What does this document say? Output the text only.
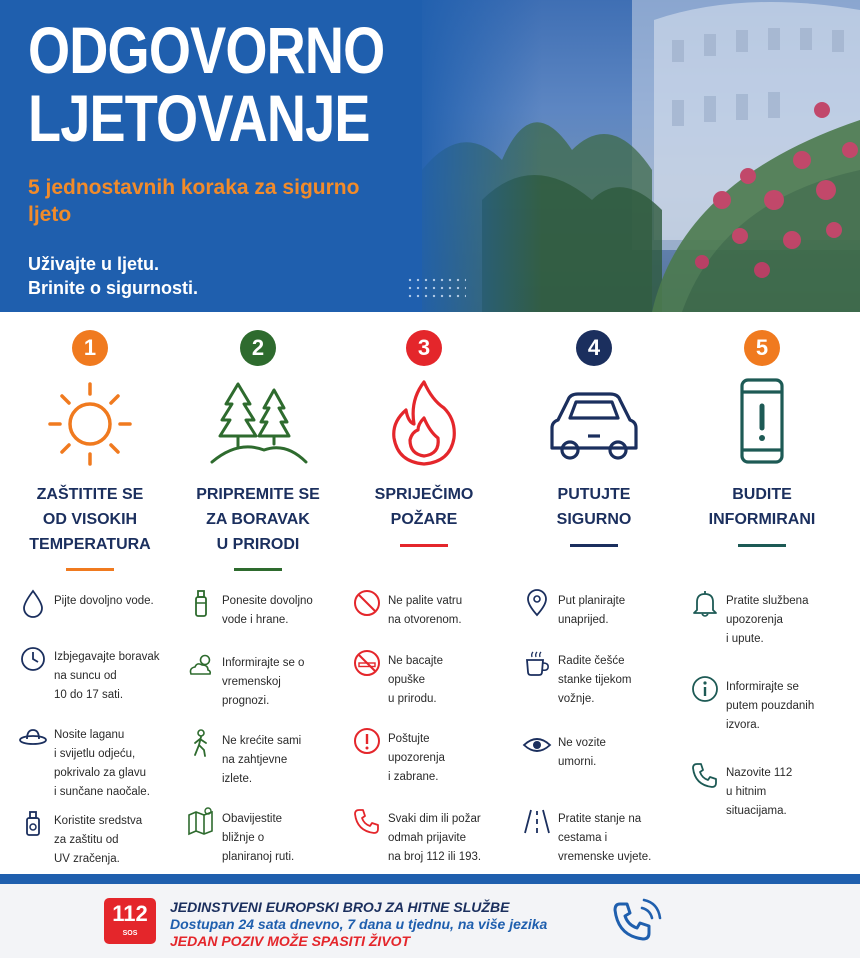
ODGOVORNO
LJETOVANJE
5 jednostavnih koraka za sigurno ljeto
Uživajte u ljetu.
Brinite o sigurnosti.
1
ZAŠTITITE SE
OD VISOKIH
TEMPERATURA
Pijte dovoljno vode.
Izbjegavajte boravak
na suncu od
10 do 17 sati.
Nosite laganu
i svijetlu odjeću,
pokrivalo za glavu
i sunčane naočale.
Koristite sredstva
za zaštitu od
UV zračenja.
2
PRIPREMITE SE
ZA BORAVAK
U PRIRODI
Ponesite dovoljno
vode i hrane.
Informirajte se o
vremenskoj
prognozi.
Ne krećite sami
na zahtjevne
izlete.
Obavijestite
bližnje o
planiranoj ruti.
3
SPRIJEČIMO
POŽARE
Ne palite vatru
na otvorenom.
Ne bacajte
opuške
u prirodu.
Poštujte
upozorenja
i zabrane.
Svaki dim ili požar
odmah prijavite
na broj 112 ili 193.
4
PUTUJTE
SIGURNO
Put planirajte
unaprijed.
Radite češće
stanke tijekom
vožnje.
Ne vozite
umorni.
Pratite stanje na
cestama i
vremenske uvjete.
5
BUDITE
INFORMIRANI
Pratite službena
upozorenja
i upute.
Informirajte se
putem pouzdanih
izvora.
Nazovite 112
u hitnim
situacijama.
112
SOS
JEDINSTVENI EUROPSKI BROJ ZA HITNE SLUŽBE
Dostupan 24 sata dnevno, 7 dana u tjednu, na više jezika
JEDAN POZIV MOŽE SPASITI ŽIVOT
